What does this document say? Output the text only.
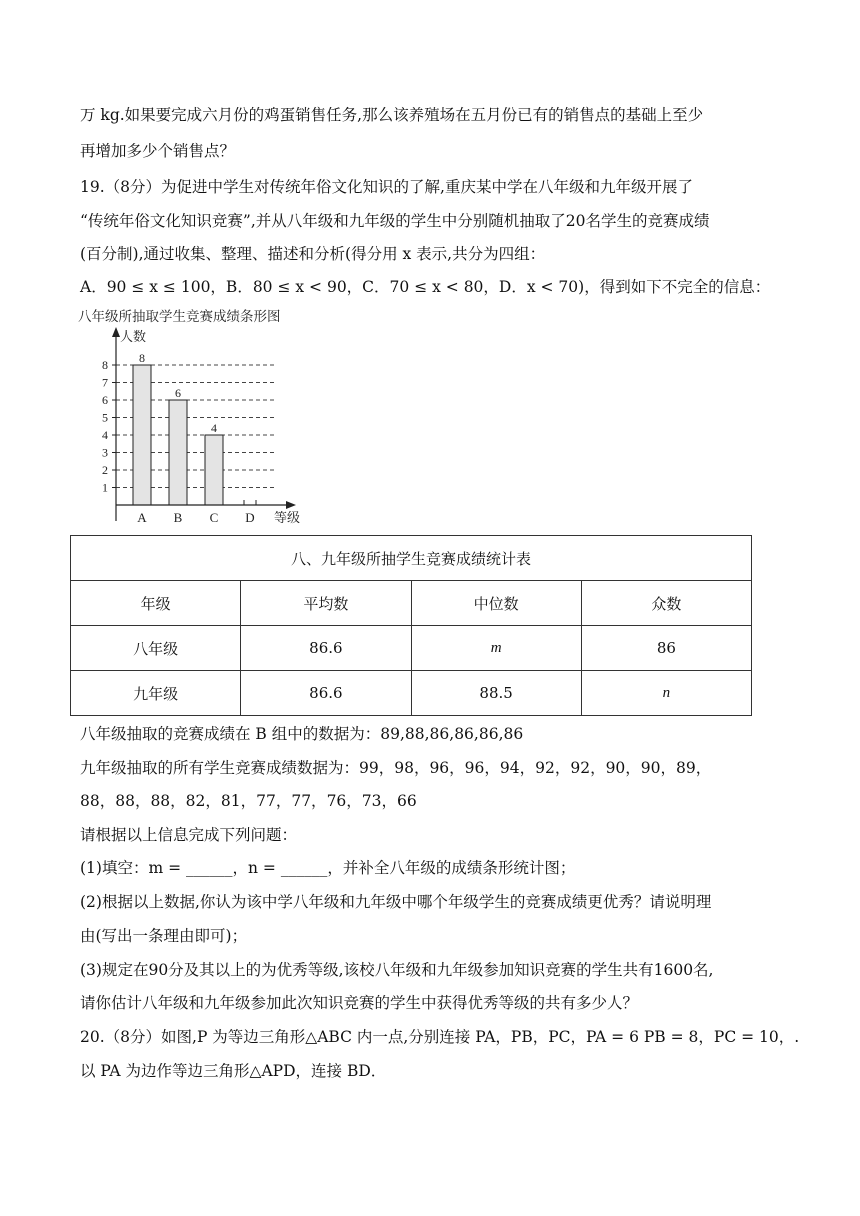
万 kg.如果要完成六月份的鸡蛋销售任务,那么该养殖场在五月份已有的销售点的基础上至少
再增加多少个销售点？
19.（8分）为促进中学生对传统年俗文化知识的了解,重庆某中学在八年级和九年级开展了
“传统年俗文化知识竞赛”,并从八年级和九年级的学生中分别随机抽取了20名学生的竞赛成绩
(百分制),通过收集、整理、描述和分析(得分用 x 表示,共分为四组：
A．90 ≤ x ≤ 100，B．80 ≤ x < 90，C．70 ≤ x < 80，D．x < 70)，得到如下不完全的信息：
八年级所抽取学生竞赛成绩条形图
8
A
6
B
4
C D
1
2
3
4
5
6
7
8
人数
等级
八、九年级所抽学生竞赛成绩统计表			
年级	平均数	中位数	众数
八年级	86.6	m	86
九年级	86.6	88.5	n
八年级抽取的竞赛成绩在 B 组中的数据为：89,88,86,86,86,86
九年级抽取的所有学生竞赛成绩数据为：99，98，96，96，94，92，92，90，90，89，
88，88，88，82，81，77，77，76，73，66
请根据以上信息完成下列问题：
(1)填空：m = ______，n = ______，并补全八年级的成绩条形统计图；
(2)根据以上数据,你认为该中学八年级和九年级中哪个年级学生的竞赛成绩更优秀？请说明理
由(写出一条理由即可)；
(3)规定在90分及其以上的为优秀等级,该校八年级和九年级参加知识竞赛的学生共有1600名,
请你估计八年级和九年级参加此次知识竞赛的学生中获得优秀等级的共有多少人？
20.（8分）如图,P 为等边三角形△ABC 内一点,分别连接 PA，PB，PC，PA = 6 PB = 8，PC = 10，.
以 PA 为边作等边三角形△APD，连接 BD．
